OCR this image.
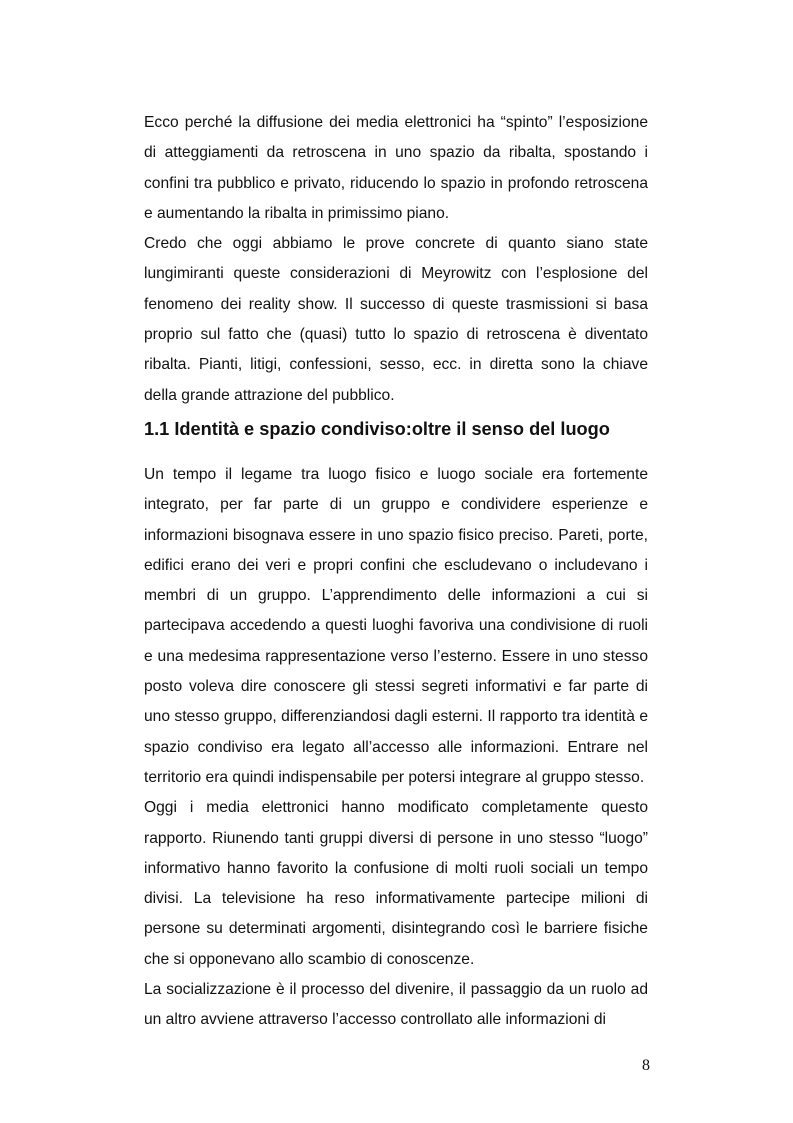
Ecco perché la diffusione dei media elettronici ha “spinto” l’esposizione di atteggiamenti da retroscena in uno spazio da ribalta, spostando i confini tra pubblico e privato, riducendo lo spazio in profondo retroscena e aumentando la ribalta in primissimo piano.

Credo che oggi abbiamo le prove concrete di quanto siano state lungimiranti queste considerazioni di Meyrowitz con l’esplosione del fenomeno dei reality show. Il successo di queste trasmissioni si basa proprio sul fatto che (quasi) tutto lo spazio di retroscena è diventato ribalta. Pianti, litigi, confessioni, sesso, ecc. in diretta sono la chiave della grande attrazione del pubblico.

1.1 Identità e spazio condiviso:oltre il senso del luogo

Un tempo il legame tra luogo fisico e luogo sociale era fortemente integrato, per far parte di un gruppo e condividere esperienze e informazioni bisognava essere in uno spazio fisico preciso. Pareti, porte, edifici erano dei veri e propri confini che escludevano o includevano i membri di un gruppo. L’apprendimento delle informazioni a cui si partecipava accedendo a questi luoghi favoriva una condivisione di ruoli e una medesima rappresentazione verso l’esterno. Essere in uno stesso posto voleva dire conoscere gli stessi segreti informativi e far parte di uno stesso gruppo, differenziandosi dagli esterni. Il rapporto tra identità e spazio condiviso era legato all’accesso alle informazioni. Entrare nel territorio era quindi indispensabile per potersi integrare al gruppo stesso.

Oggi i media elettronici hanno modificato completamente questo rapporto. Riunendo tanti gruppi diversi di persone in uno stesso “luogo” informativo hanno favorito la confusione di molti ruoli sociali un tempo divisi. La televisione ha reso informativamente partecipe milioni di persone su determinati argomenti, disintegrando così le barriere fisiche che si opponevano allo scambio di conoscenze.

La socializzazione è il processo del divenire, il passaggio da un ruolo ad un altro avviene attraverso l’accesso controllato alle informazioni di

8
